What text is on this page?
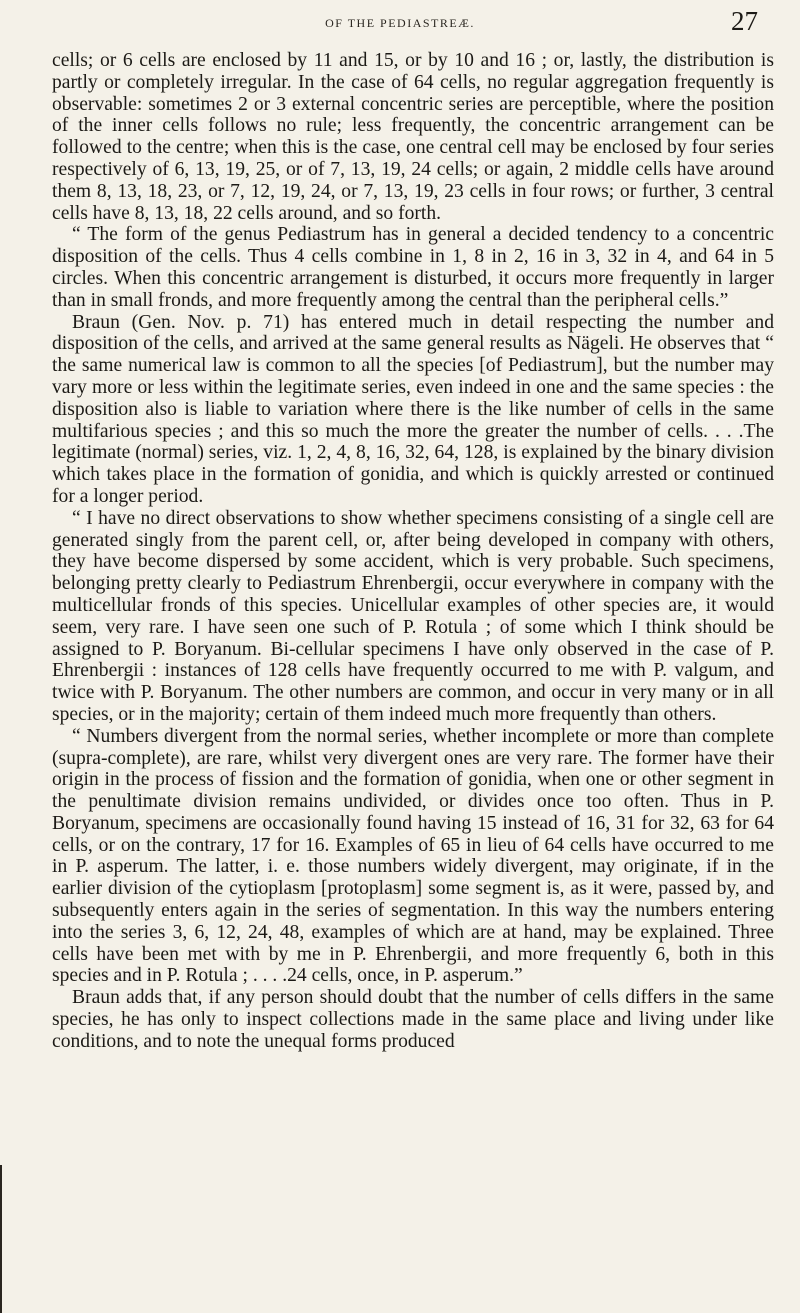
OF THE PEDIASTREÆ.	27

cells; or 6 cells are enclosed by 11 and 15, or by 10 and 16 ; or, lastly, the distribution is partly or completely irregular. In the case of 64 cells, no regular aggregation frequently is observable: sometimes 2 or 3 external concentric series are perceptible, where the position of the inner cells follows no rule; less frequently, the concentric arrangement can be followed to the centre; when this is the case, one central cell may be enclosed by four series respectively of 6, 13, 19, 25, or of 7, 13, 19, 24 cells; or again, 2 middle cells have around them 8, 13, 18, 23, or 7, 12, 19, 24, or 7, 13, 19, 23 cells in four rows; or further, 3 central cells have 8, 13, 18, 22 cells around, and so forth.

“ The form of the genus Pediastrum has in general a decided tendency to a concentric disposition of the cells. Thus 4 cells combine in 1, 8 in 2, 16 in 3, 32 in 4, and 64 in 5 circles. When this concentric arrangement is disturbed, it occurs more frequently in larger than in small fronds, and more frequently among the central than the peripheral cells.”

Braun (Gen. Nov. p. 71) has entered much in detail respecting the number and disposition of the cells, and arrived at the same general results as Nägeli. He observes that “ the same numerical law is common to all the species [of Pediastrum], but the number may vary more or less within the legitimate series, even indeed in one and the same species : the disposition also is liable to variation where there is the like number of cells in the same multifarious species ; and this so much the more the greater the number of cells. . . .The legitimate (normal) series, viz. 1, 2, 4, 8, 16, 32, 64, 128, is explained by the binary division which takes place in the formation of gonidia, and which is quickly arrested or continued for a longer period.

“ I have no direct observations to show whether specimens consisting of a single cell are generated singly from the parent cell, or, after being developed in company with others, they have become dispersed by some accident, which is very probable. Such specimens, belonging pretty clearly to Pediastrum Ehrenbergii, occur everywhere in company with the multicellular fronds of this species. Unicellular examples of other species are, it would seem, very rare. I have seen one such of P. Rotula ; of some which I think should be assigned to P. Boryanum. Bi-cellular specimens I have only observed in the case of P. Ehrenbergii : instances of 128 cells have frequently occurred to me with P. valgum, and twice with P. Boryanum. The other numbers are common, and occur in very many or in all species, or in the majority; certain of them indeed much more frequently than others.

“ Numbers divergent from the normal series, whether incomplete or more than complete (supra-complete), are rare, whilst very divergent ones are very rare. The former have their origin in the process of fission and the formation of gonidia, when one or other segment in the penultimate division remains undivided, or divides once too often. Thus in P. Boryanum, specimens are occasionally found having 15 instead of 16, 31 for 32, 63 for 64 cells, or on the contrary, 17 for 16. Examples of 65 in lieu of 64 cells have occurred to me in P. asperum. The latter, i. e. those numbers widely divergent, may originate, if in the earlier division of the cytioplasm [protoplasm] some segment is, as it were, passed by, and subsequently enters again in the series of segmentation. In this way the numbers entering into the series 3, 6, 12, 24, 48, examples of which are at hand, may be explained. Three cells have been met with by me in P. Ehrenbergii, and more frequently 6, both in this species and in P. Rotula ; . . . .24 cells, once, in P. asperum.”

Braun adds that, if any person should doubt that the number of cells differs in the same species, he has only to inspect collections made in the same place and living under like conditions, and to note the unequal forms produced
